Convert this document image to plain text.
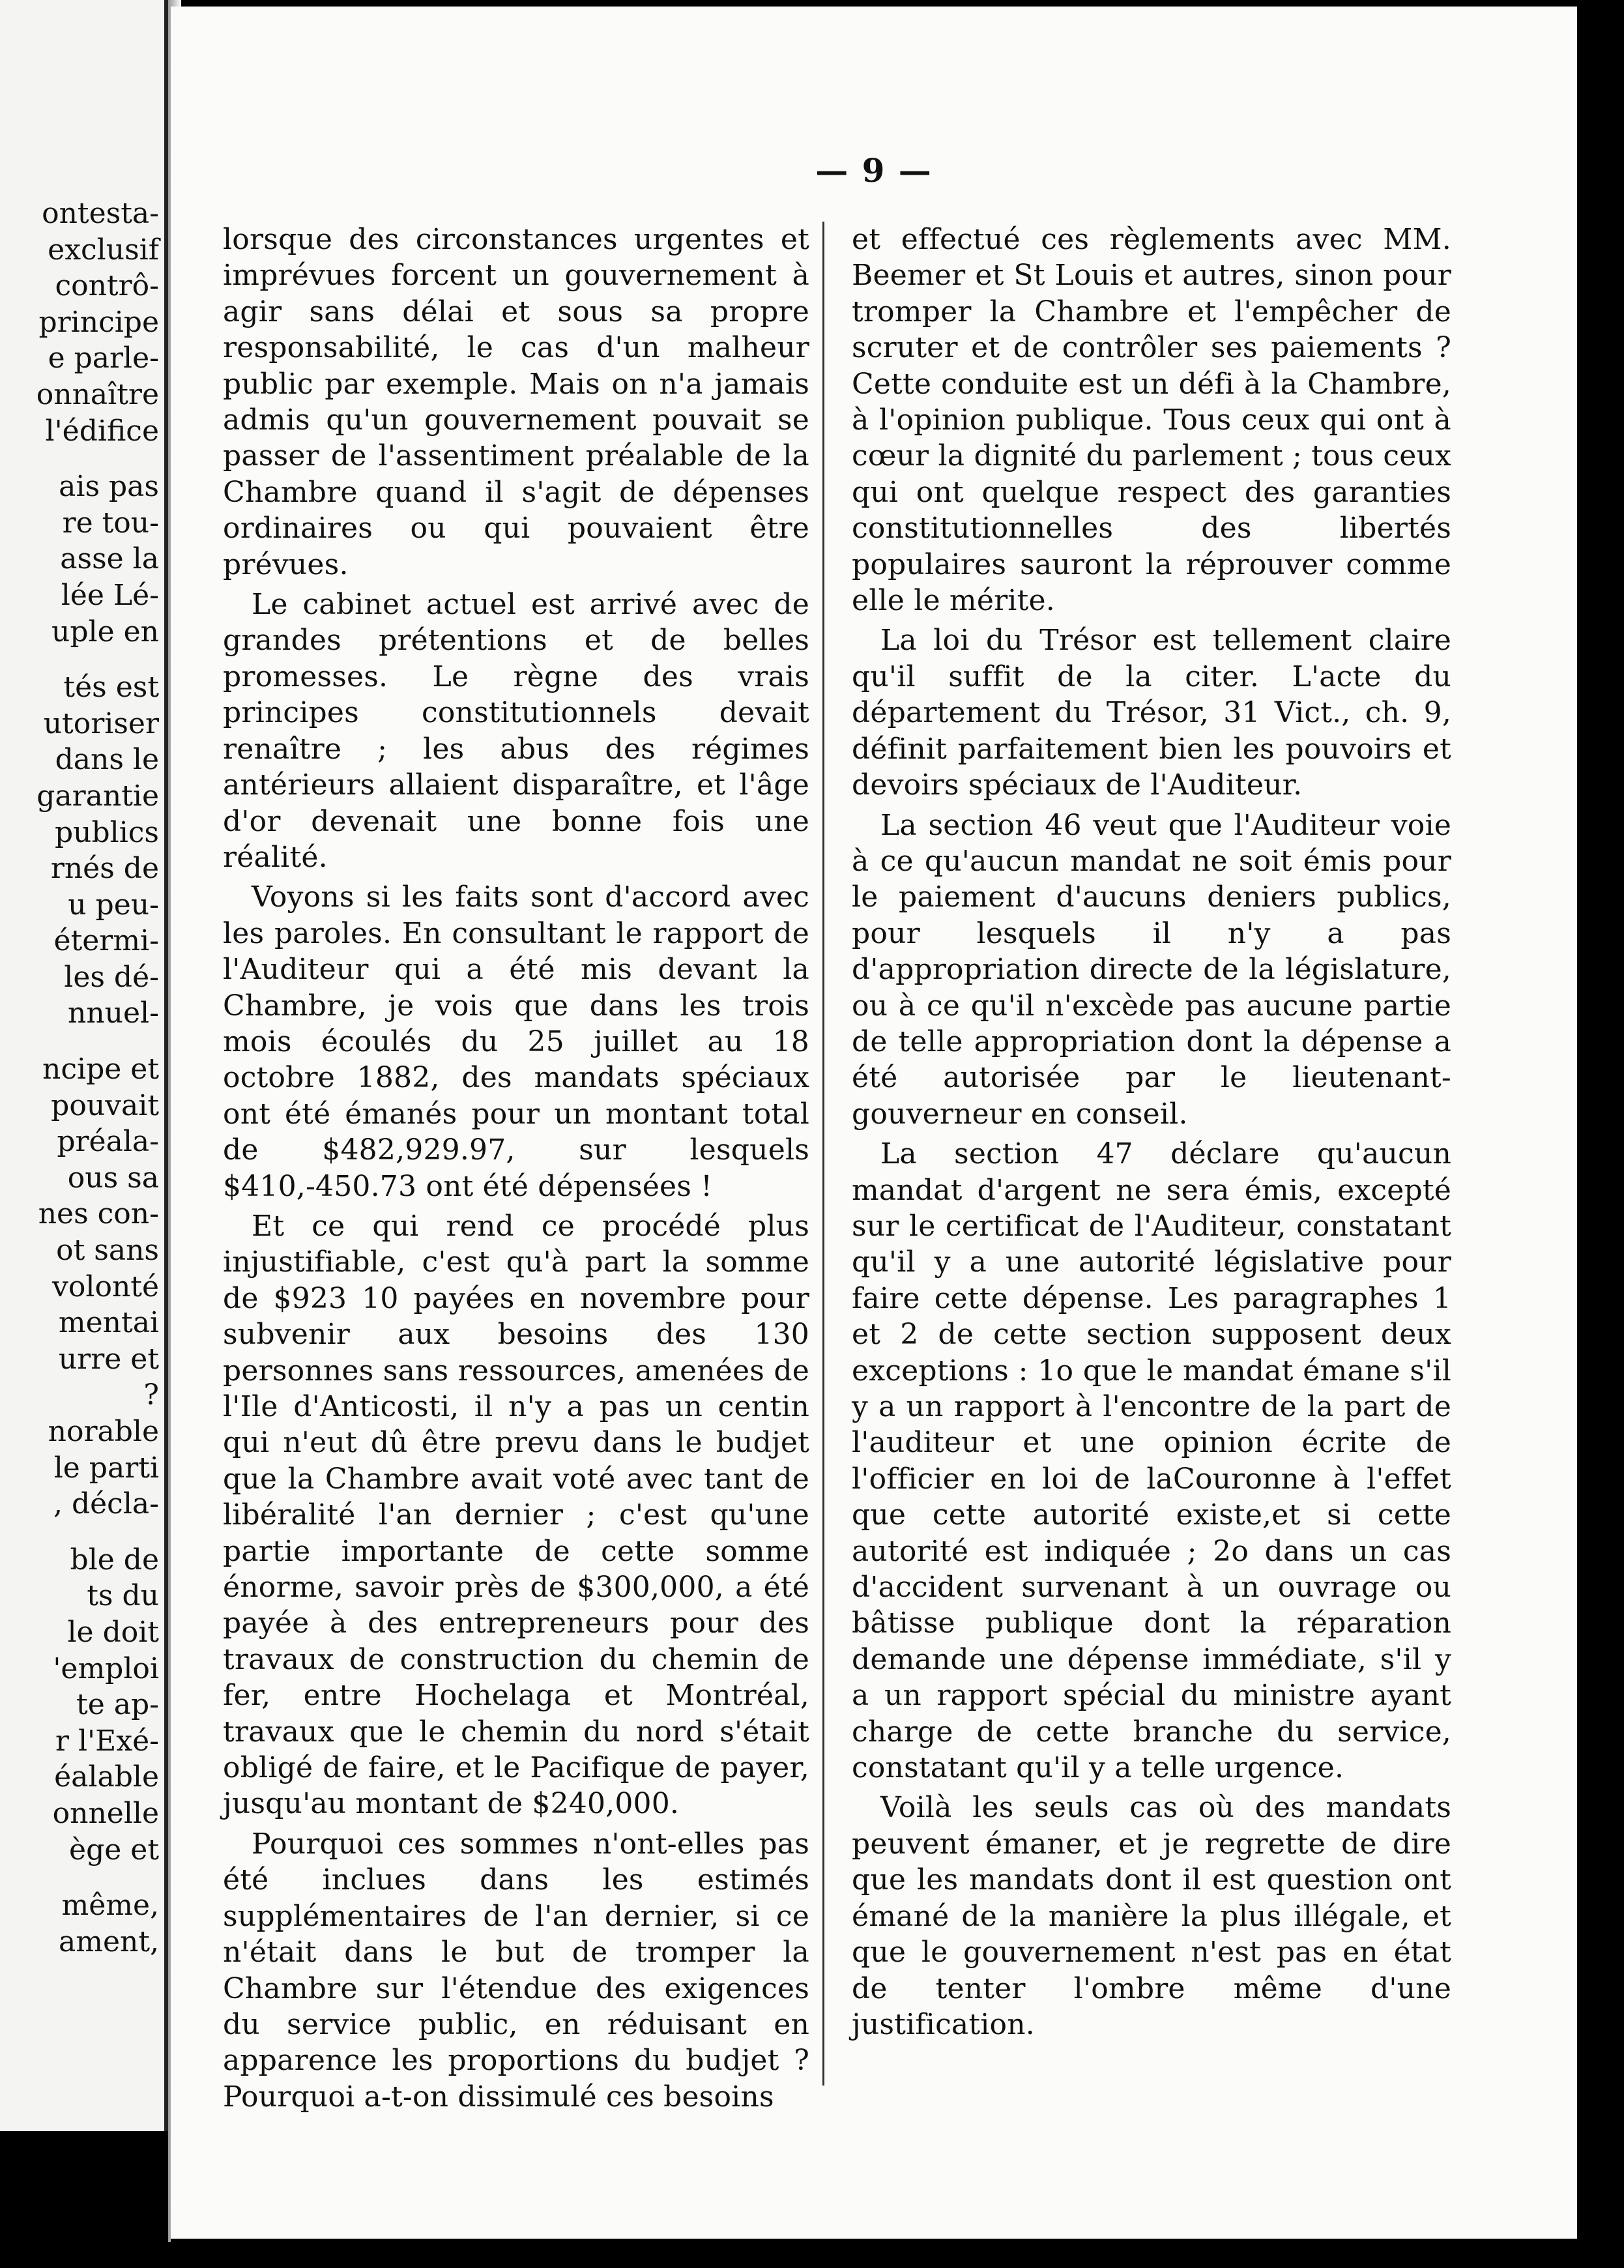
ontesta-
exclusif
contrô-
principe
e parle-
onnaître
l'édifice
ais pas
re tou-
asse la
lée Lé-
uple en
tés est
utoriser
dans le
garantie
publics
rnés de
u peu-
étermi-
les dé-
nnuel-
ncipe et
pouvait
préala-
ous sa
nes con-
ot sans
volonté
mentai
urre et
?
norable
le parti
, décla-
ble de
ts du
le doit
'emploi
te ap-
r l'Exé-
éalable
onnelle
ège et
même,
ament,
— 9 —

lorsque des circonstances urgentes et imprévues forcent un gouvernement à agir sans délai et sous sa propre responsabilité, le cas d'un malheur public par exemple. Mais on n'a jamais admis qu'un gouvernement pouvait se passer de l'assentiment préalable de la Chambre quand il s'agit de dépenses ordinaires ou qui pouvaient être prévues.

Le cabinet actuel est arrivé avec de grandes prétentions et de belles promesses. Le règne des vrais principes constitutionnels devait renaître ; les abus des régimes antérieurs allaient disparaître, et l'âge d'or devenait une bonne fois une réalité.

Voyons si les faits sont d'accord avec les paroles. En consultant le rapport de l'Auditeur qui a été mis devant la Chambre, je vois que dans les trois mois écoulés du 25 juillet au 18 octobre 1882, des mandats spéciaux ont été émanés pour un montant total de $482,929.97, sur lesquels $410,-450.73 ont été dépensées !

Et ce qui rend ce procédé plus injustifiable, c'est qu'à part la somme de $923 10 payées en novembre pour subvenir aux besoins des 130 personnes sans ressources, amenées de l'Ile d'Anticosti, il n'y a pas un centin qui n'eut dû être prevu dans le budjet que la Chambre avait voté avec tant de libéralité l'an dernier ; c'est qu'une partie importante de cette somme énorme, savoir près de $300,000, a été payée à des entrepreneurs pour des travaux de construction du chemin de fer, entre Hochelaga et Montréal, travaux que le chemin du nord s'était obligé de faire, et le Pacifique de payer, jusqu'au montant de $240,000.

Pourquoi ces sommes n'ont-elles pas été inclues dans les estimés supplémentaires de l'an dernier, si ce n'était dans le but de tromper la Chambre sur l'étendue des exigences du service public, en réduisant en apparence les proportions du budjet ? Pourquoi a-t-on dissimulé ces besoins

et effectué ces règlements avec MM. Beemer et St Louis et autres, sinon pour tromper la Chambre et l'empêcher de scruter et de contrôler ses paiements ? Cette conduite est un défi à la Chambre, à l'opinion publique. Tous ceux qui ont à cœur la dignité du parlement ; tous ceux qui ont quelque respect des garanties constitutionnelles des libertés populaires sauront la réprouver comme elle le mérite.

La loi du Trésor est tellement claire qu'il suffit de la citer. L'acte du département du Trésor, 31 Vict., ch. 9, définit parfaitement bien les pouvoirs et devoirs spéciaux de l'Auditeur.

La section 46 veut que l'Auditeur voie à ce qu'aucun mandat ne soit émis pour le paiement d'aucuns deniers publics, pour lesquels il n'y a pas d'appropriation directe de la législature, ou à ce qu'il n'excède pas aucune partie de telle appropriation dont la dépense a été autorisée par le lieutenant-gouverneur en conseil.

La section 47 déclare qu'aucun mandat d'argent ne sera émis, excepté sur le certificat de l'Auditeur, constatant qu'il y a une autorité législative pour faire cette dépense. Les paragraphes 1 et 2 de cette section supposent deux exceptions : 1o que le mandat émane s'il y a un rapport à l'encontre de la part de l'auditeur et une opinion écrite de l'officier en loi de laCouronne à l'effet que cette autorité existe,et si cette autorité est indiquée ; 2o dans un cas d'accident survenant à un ouvrage ou bâtisse publique dont la réparation demande une dépense immédiate, s'il y a un rapport spécial du ministre ayant charge de cette branche du service, constatant qu'il y a telle urgence.

Voilà les seuls cas où des mandats peuvent émaner, et je regrette de dire que les mandats dont il est question ont émané de la manière la plus illégale, et que le gouvernement n'est pas en état de tenter l'ombre même d'une justification.
